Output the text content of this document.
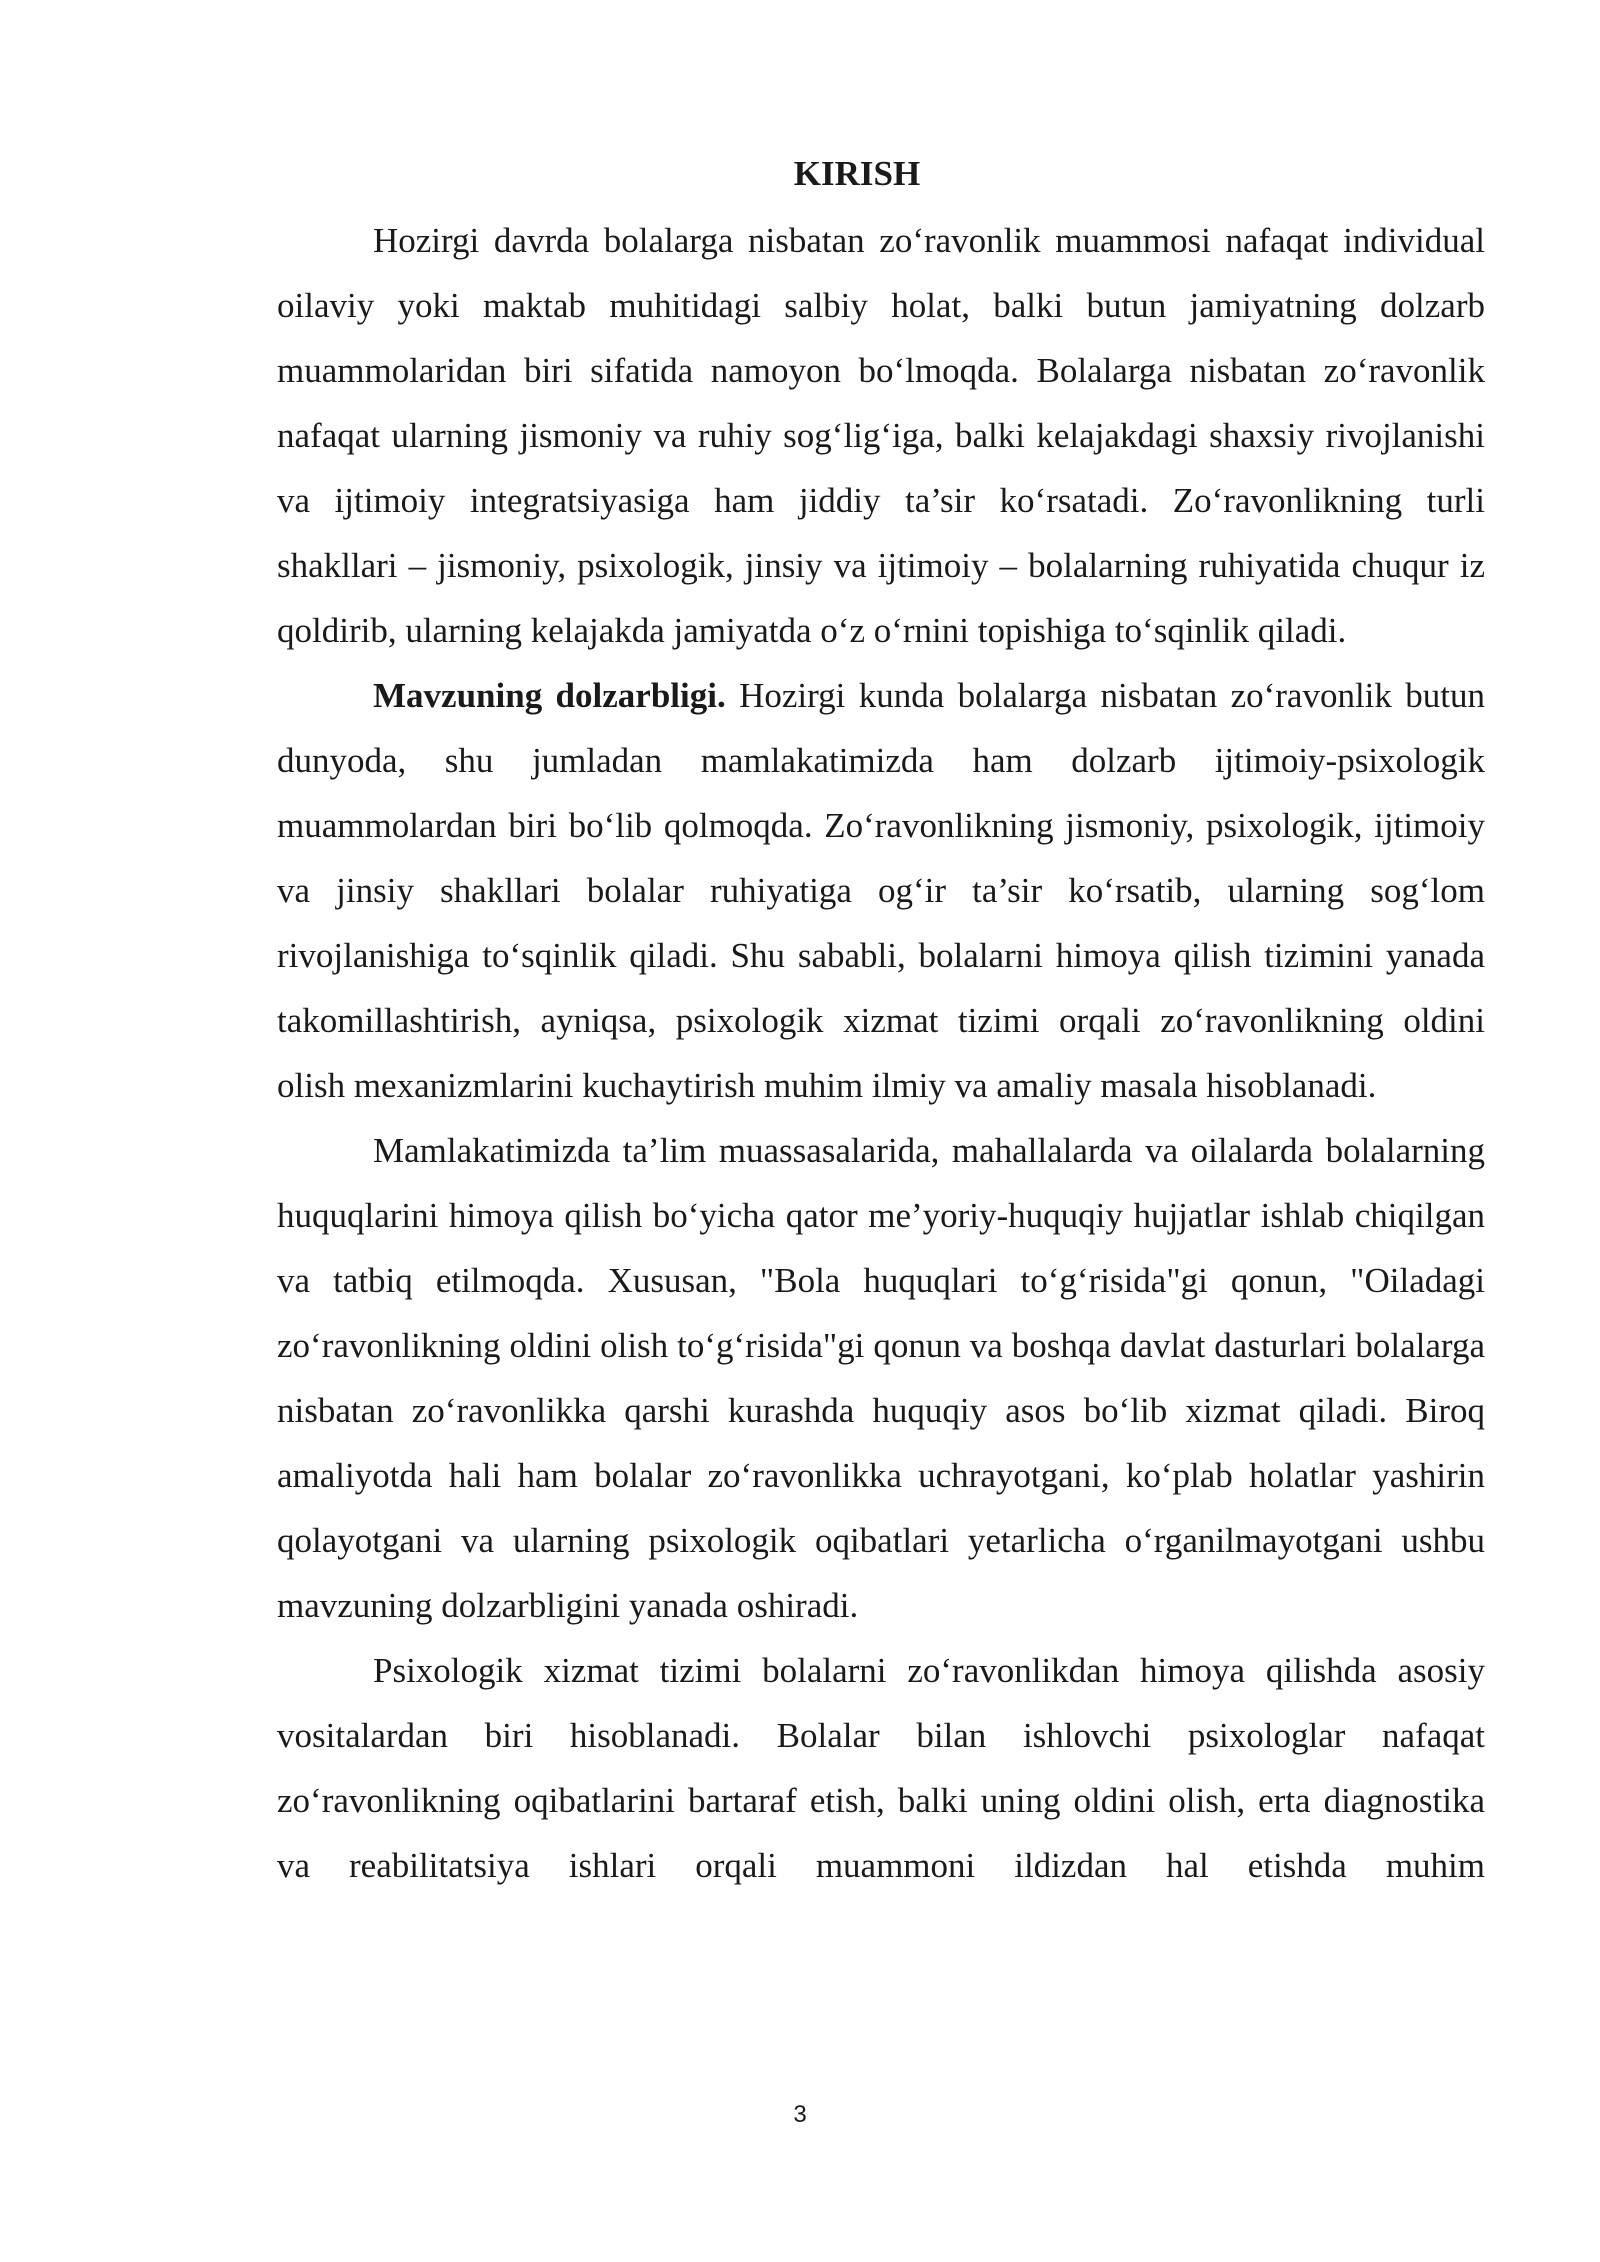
KIRISH

Hozirgi davrda bolalarga nisbatan zo‘ravonlik muammosi nafaqat individual oilaviy yoki maktab muhitidagi salbiy holat, balki butun jamiyatning dolzarb muammolaridan biri sifatida namoyon bo‘lmoqda. Bolalarga nisbatan zo‘ravonlik nafaqat ularning jismoniy va ruhiy sog‘lig‘iga, balki kelajakdagi shaxsiy rivojlanishi va ijtimoiy integratsiyasiga ham jiddiy ta’sir ko‘rsatadi. Zo‘ravonlikning turli shakllari – jismoniy, psixologik, jinsiy va ijtimoiy – bolalarning ruhiyatida chuqur iz qoldirib, ularning kelajakda jamiyatda o‘z o‘rnini topishiga to‘sqinlik qiladi.

Mavzuning dolzarbligi. Hozirgi kunda bolalarga nisbatan zo‘ravonlik butun dunyoda, shu jumladan mamlakatimizda ham dolzarb ijtimoiy-psixologik muammolardan biri bo‘lib qolmoqda. Zo‘ravonlikning jismoniy, psixologik, ijtimoiy va jinsiy shakllari bolalar ruhiyatiga og‘ir ta’sir ko‘rsatib, ularning sog‘lom rivojlanishiga to‘sqinlik qiladi. Shu sababli, bolalarni himoya qilish tizimini yanada takomillashtirish, ayniqsa, psixologik xizmat tizimi orqali zo‘ravonlikning oldini olish mexanizmlarini kuchaytirish muhim ilmiy va amaliy masala hisoblanadi.

Mamlakatimizda ta’lim muassasalarida, mahallalarda va oilalarda bolalarning huquqlarini himoya qilish bo‘yicha qator me’yoriy-huquqiy hujjatlar ishlab chiqilgan va tatbiq etilmoqda. Xususan, "Bola huquqlari to‘g‘risida"gi qonun, "Oiladagi zo‘ravonlikning oldini olish to‘g‘risida"gi qonun va boshqa davlat dasturlari bolalarga nisbatan zo‘ravonlikka qarshi kurashda huquqiy asos bo‘lib xizmat qiladi. Biroq amaliyotda hali ham bolalar zo‘ravonlikka uchrayotgani, ko‘plab holatlar yashirin qolayotgani va ularning psixologik oqibatlari yetarlicha o‘rganilmayotgani ushbu mavzuning dolzarbligini yanada oshiradi.

Psixologik xizmat tizimi bolalarni zo‘ravonlikdan himoya qilishda asosiy vositalardan biri hisoblanadi. Bolalar bilan ishlovchi psixologlar nafaqat zo‘ravonlikning oqibatlarini bartaraf etish, balki uning oldini olish, erta diagnostika va reabilitatsiya ishlari orqali muammoni ildizdan hal etishda muhim

3
